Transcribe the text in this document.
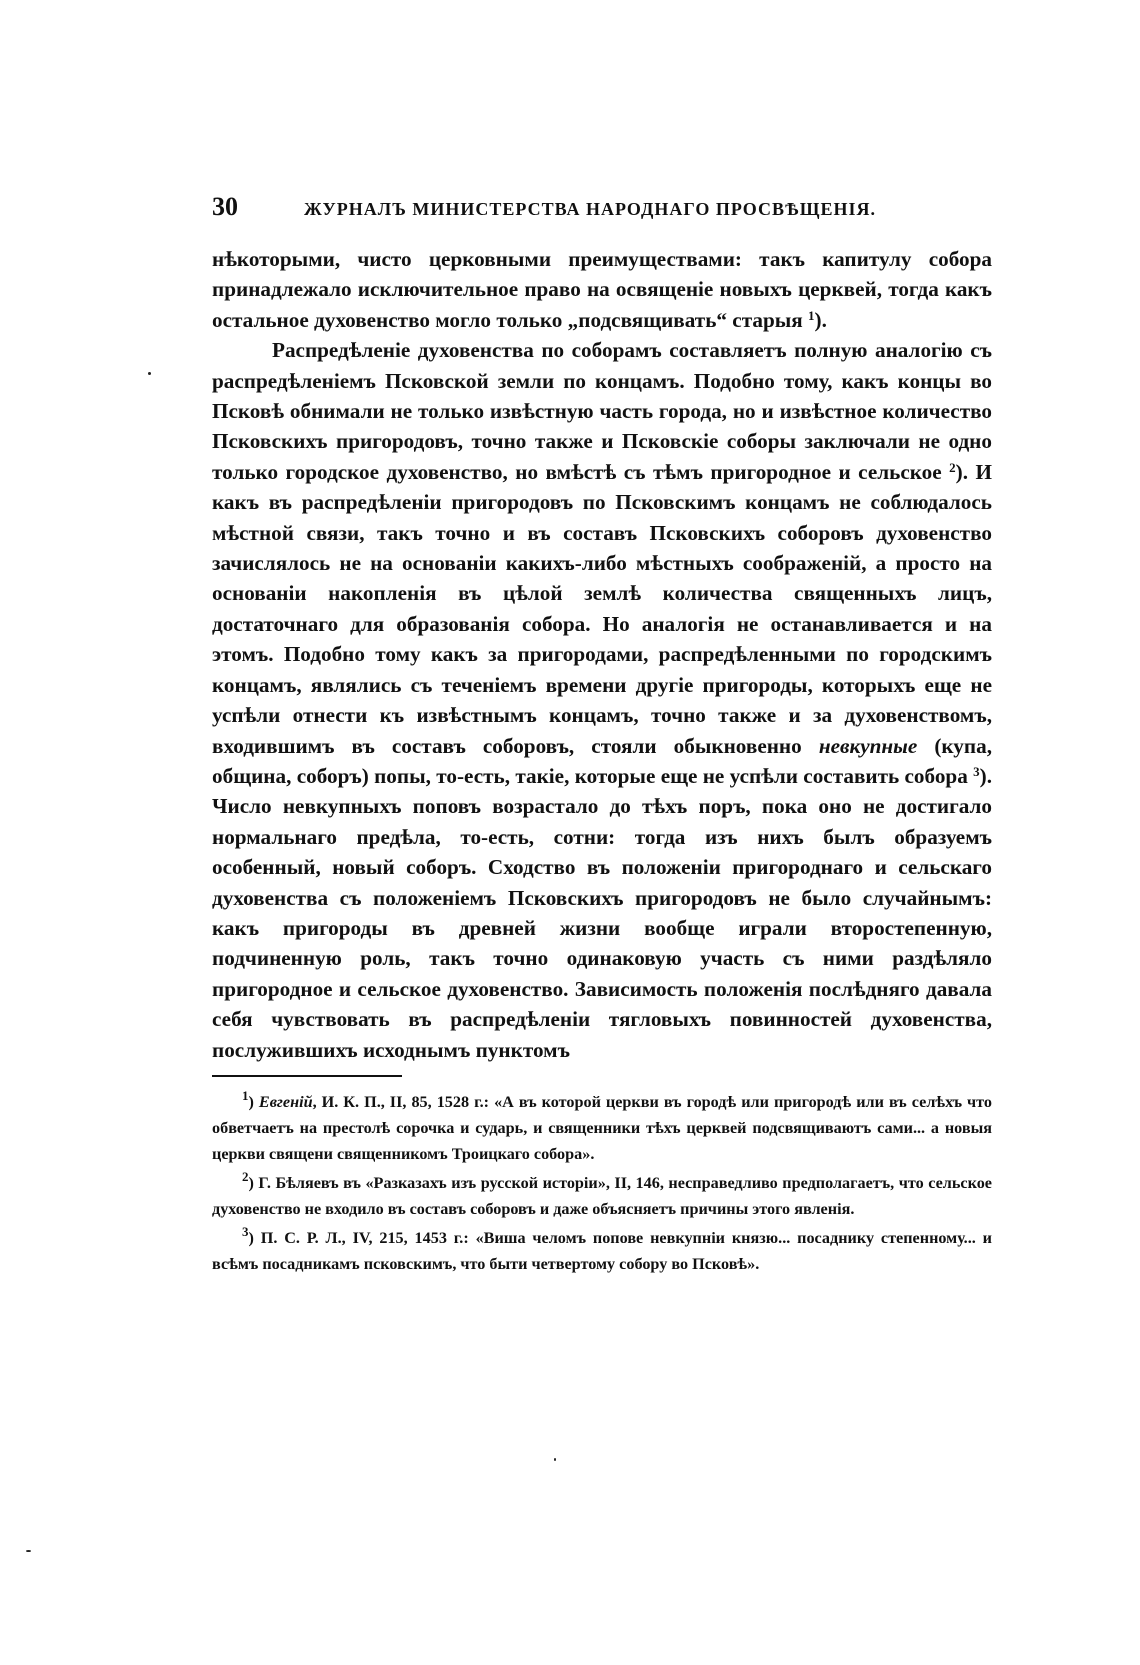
30	ЖУРНАЛЪ МИНИСТЕРСТВА НАРОДНАГО ПРОСВѢЩЕНІЯ.

нѣкоторыми, чисто церковными преимуществами: такъ капитулу собора принадлежало исключительное право на освященіе новыхъ церквей, тогда какъ остальное духовенство могло только „подсвящивать“ старыя $^1$).

Распредѣленіе духовенства по соборамъ составляетъ полную аналогію съ распредѣленіемъ Псковской земли по концамъ. Подобно тому, какъ концы во Псковѣ обнимали не только извѣстную часть города, но и извѣстное количество Псковскихъ пригородовъ, точно также и Псковскіе соборы заключали не одно только городское духовенство, но вмѣстѣ съ тѣмъ пригородное и сельское $^2$). И какъ въ распредѣленіи пригородовъ по Псковскимъ концамъ не соблюдалось мѣстной связи, такъ точно и въ составъ Псковскихъ соборовъ духовенство зачислялось не на основаніи какихъ-либо мѣстныхъ соображеній, а просто на основаніи накопленія въ цѣлой землѣ количества священныхъ лицъ, достаточнаго для образованія собора. Но аналогія не останавливается и на этомъ. Подобно тому какъ за пригородами, распредѣленными по городскимъ концамъ, являлись съ теченіемъ времени другіе пригороды, которыхъ еще не успѣли отнести къ извѣстнымъ концамъ, точно также и за духовенствомъ, входившимъ въ составъ соборовъ, стояли обыкновенно невкупные (купа, община, соборъ) попы, то-есть, такіе, которые еще не успѣли составить собора $^3$). Число невкупныхъ поповъ возрастало до тѣхъ поръ, пока оно не достигало нормальнаго предѣла, то-есть, сотни: тогда изъ нихъ былъ образуемъ особенный, новый соборъ. Сходство въ положеніи пригороднаго и сельскаго духовенства съ положеніемъ Псковскихъ пригородовъ не было случайнымъ: какъ пригороды въ древней жизни вообще играли второстепенную, подчиненную роль, такъ точно одинаковую участь съ ними раздѣляло пригородное и сельское духовенство. Зависимость положенія послѣдняго давала себя чувствовать въ распредѣленіи тягловыхъ повинностей духовенства, послужившихъ исходнымъ пунктомъ

$^1$) Евгеній, И. К. П., II, 85, 1528 г.: «А въ которой церкви въ городѣ или пригородѣ или въ селѣхъ что обветчаетъ на престолѣ сорочка и сударь, и священники тѣхъ церквей подсвящиваютъ сами... а новыя церкви священи священникомъ Троицкаго собора».

$^2$) Г. Бѣляевъ въ «Разказахъ изъ русской исторіи», II, 146, несправедливо предполагаетъ, что сельское духовенство не входило въ составъ соборовъ и даже объясняетъ причины этого явленія.

$^3$) П. С. Р. Л., IV, 215, 1453 г.: «Виша челомъ попове невкупніи князю... посаднику степенному... и всѣмъ посадникамъ псковскимъ, что быти четвертому собору во Псковѣ».
